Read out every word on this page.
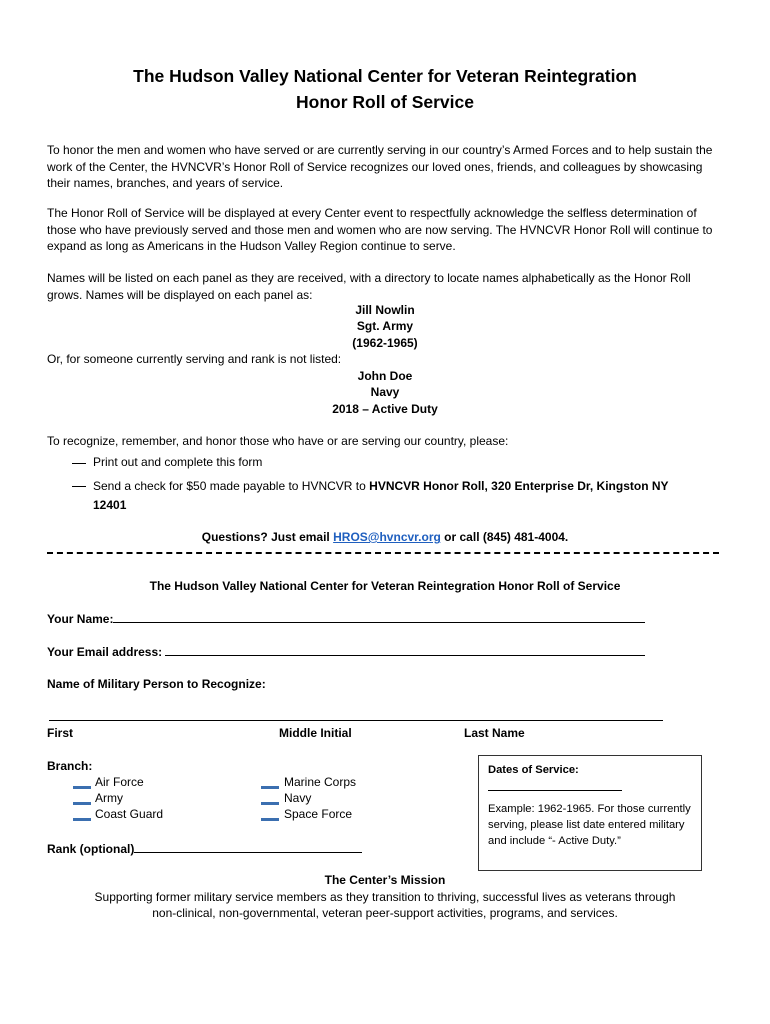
The Hudson Valley National Center for Veteran Reintegration
Honor Roll of Service
To honor the men and women who have served or are currently serving in our country’s Armed Forces and to help sustain the work of the Center, the HVNCVR’s Honor Roll of Service recognizes our loved ones, friends, and colleagues by showcasing their names, branches, and years of service.
The Honor Roll of Service will be displayed at every Center event to respectfully acknowledge the selfless determination of those who have previously served and those men and women who are now serving. The HVNCVR Honor Roll will continue to expand as long as Americans in the Hudson Valley Region continue to serve.
Names will be listed on each panel as they are received, with a directory to locate names alphabetically as the Honor Roll grows. Names will be displayed on each panel as:
Jill Nowlin
Sgt. Army
(1962-1965)
Or, for someone currently serving and rank is not listed:
John Doe
Navy
2018 – Active Duty
To recognize, remember, and honor those who have or are serving our country, please:
Print out and complete this form
Send a check for $50 made payable to HVNCVR to HVNCVR Honor Roll, 320 Enterprise Dr, Kingston NY
12401
Questions? Just email HROS@hvncvr.org or call (845) 481-4004.
The Hudson Valley National Center for Veteran Reintegration Honor Roll of Service
Your Name:
Your Email address:
Name of Military Person to Recognize:
First	Middle Initial	Last Name
Branch:
Air Force
Army
Coast Guard
Marine Corps
Navy
Space Force
Rank (optional)
Dates of Service:
Example: 1962-1965. For those currently serving, please list date entered military and include “- Active Duty.”
The Center’s Mission
Supporting former military service members as they transition to thriving, successful lives as veterans through
non-clinical, non-governmental, veteran peer-support activities, programs, and services.
